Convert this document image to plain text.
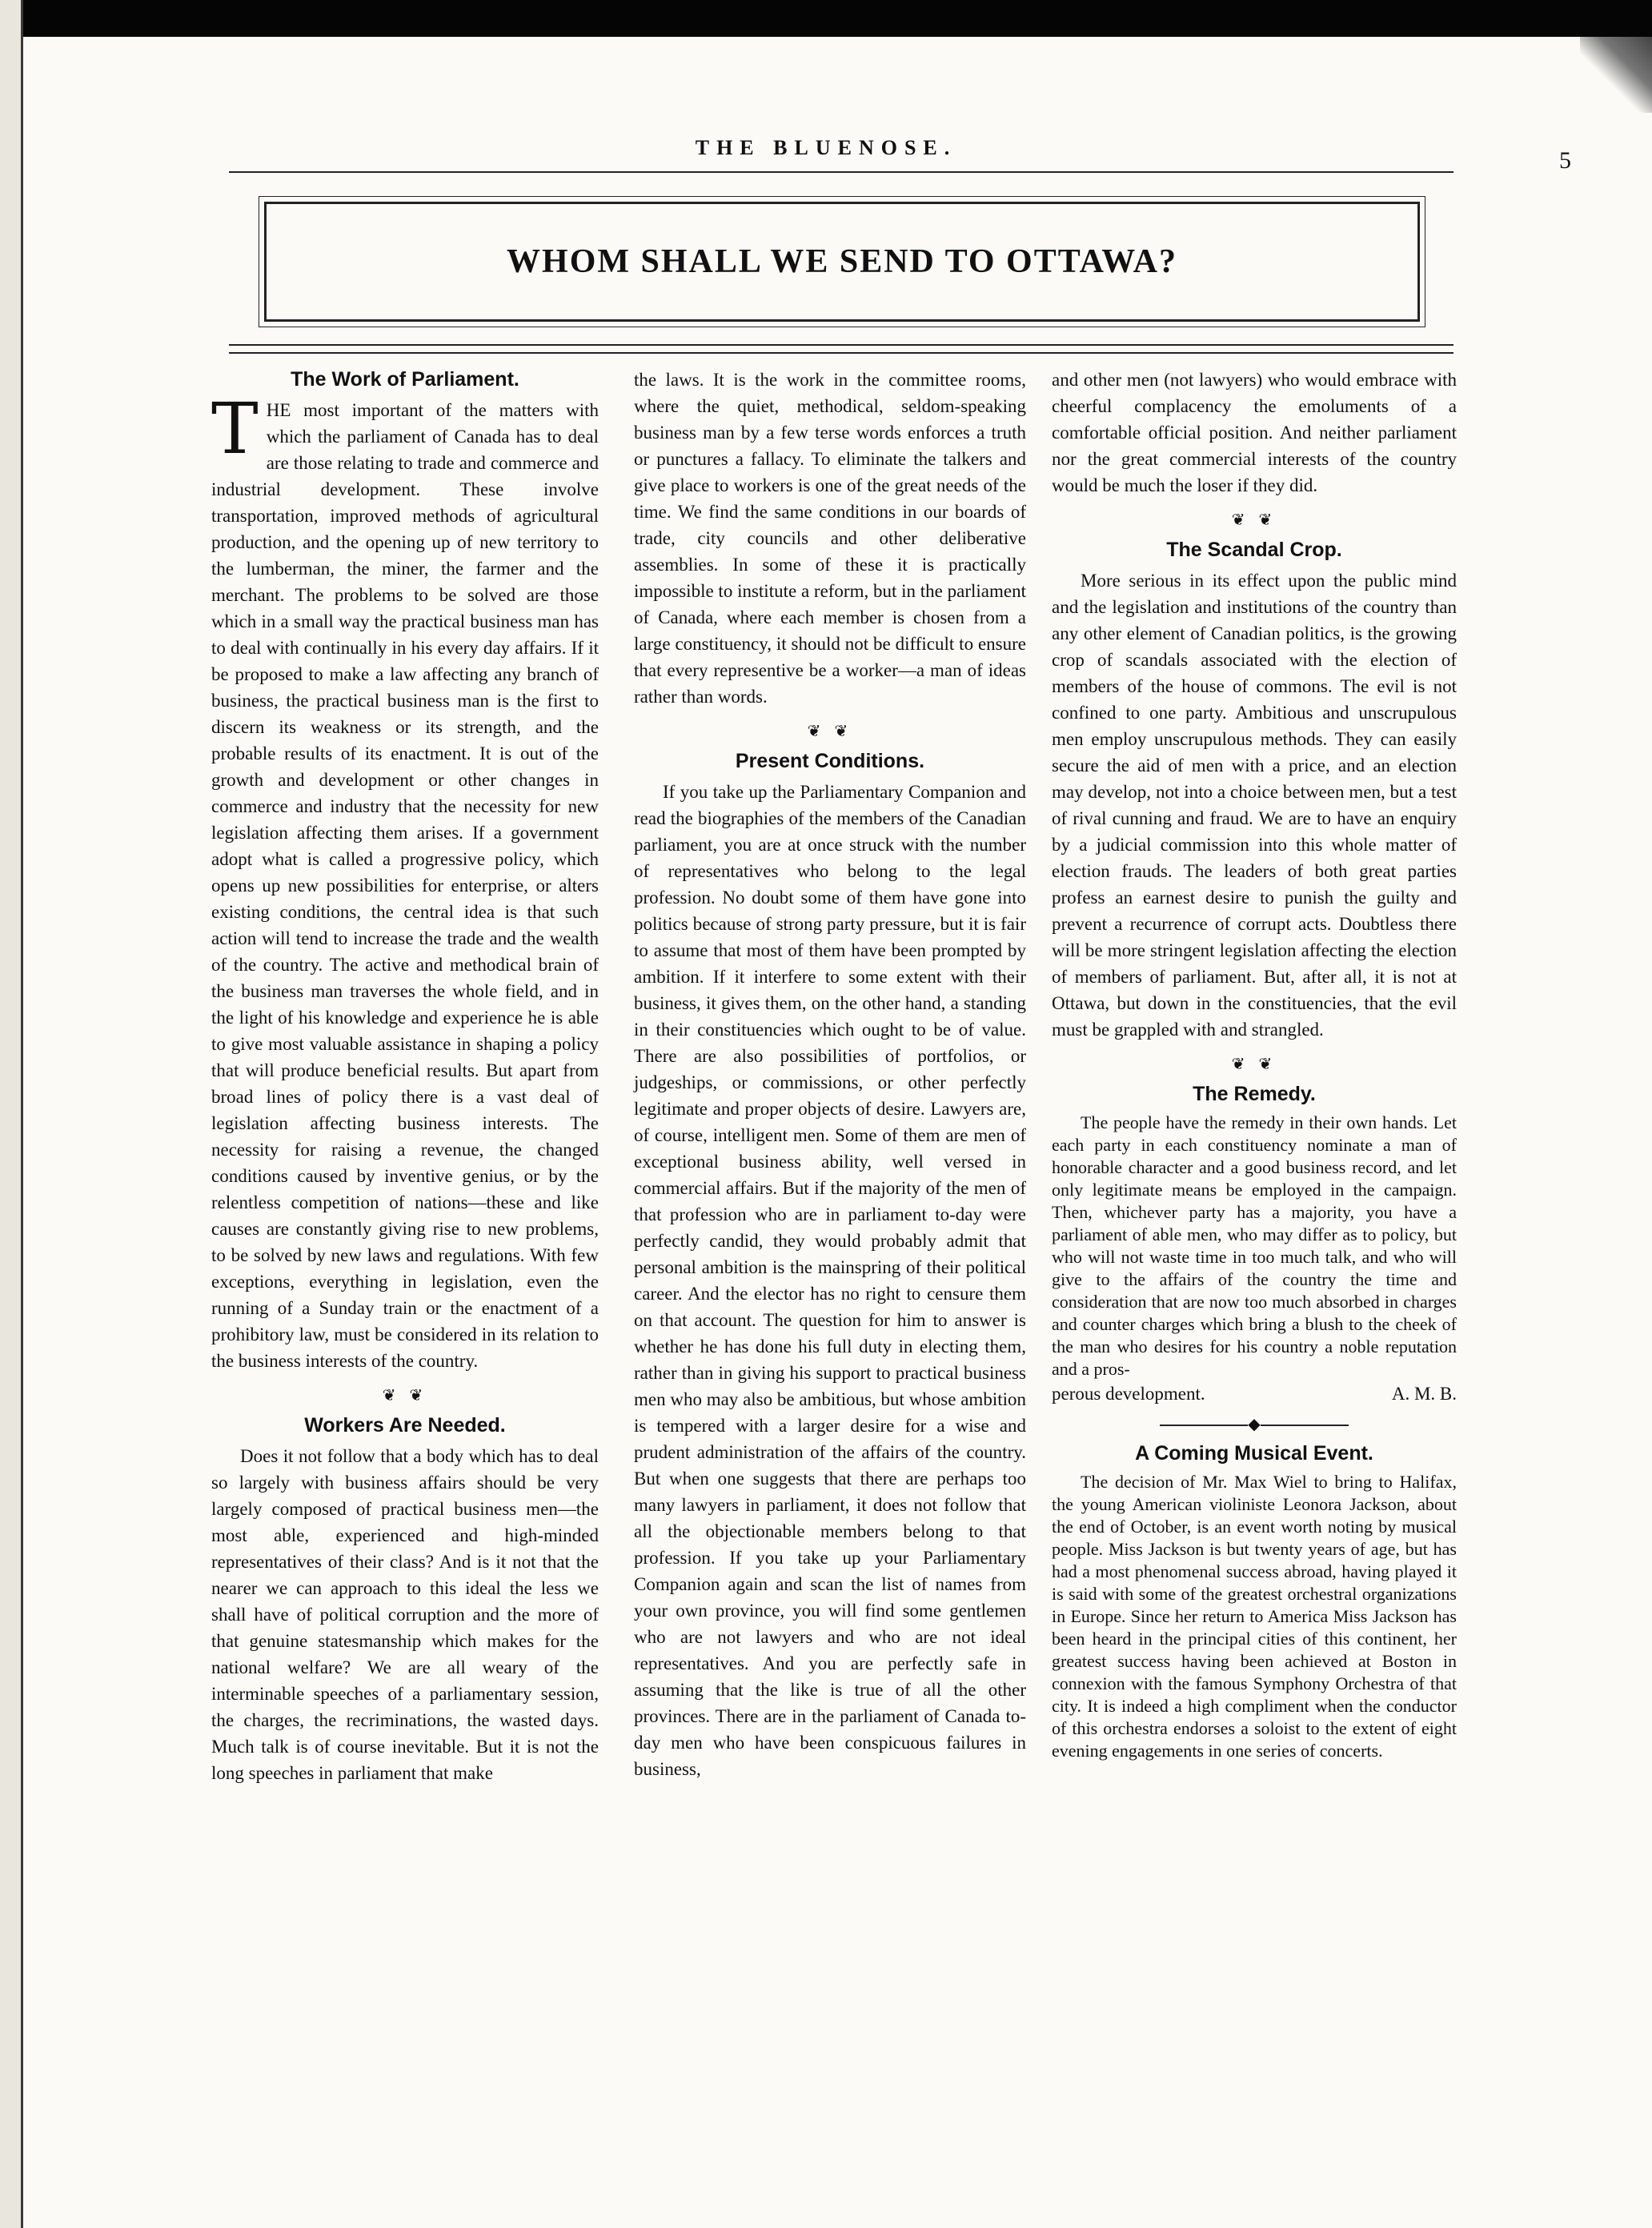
THE BLUENOSE.	5
WHOM SHALL WE SEND TO OTTAWA?
The Work of Parliament.

THE most important of the matters with which the parliament of Canada has to deal are those relating to trade and commerce and industrial development. These involve transportation, improved methods of agricultural production, and the opening up of new territory to the lumberman, the miner, the farmer and the merchant. The problems to be solved are those which in a small way the practical business man has to deal with continually in his every day affairs. If it be proposed to make a law affecting any branch of business, the practical business man is the first to discern its weakness or its strength, and the probable results of its enactment. It is out of the growth and development or other changes in commerce and industry that the necessity for new legislation affecting them arises. If a government adopt what is called a progressive policy, which opens up new possibilities for enterprise, or alters existing conditions, the central idea is that such action will tend to increase the trade and the wealth of the country. The active and methodical brain of the business man traverses the whole field, and in the light of his knowledge and experience he is able to give most valuable assistance in shaping a policy that will produce beneficial results. But apart from broad lines of policy there is a vast deal of legislation affecting business interests. The necessity for raising a revenue, the changed conditions caused by inventive genius, or by the relentless competition of nations—these and like causes are constantly giving rise to new problems, to be solved by new laws and regulations. With few exceptions, everything in legislation, even the running of a Sunday train or the enactment of a prohibitory law, must be considered in its relation to the business interests of the country.

❦ ❦
Workers Are Needed.

Does it not follow that a body which has to deal so largely with business affairs should be very largely composed of practical business men—the most able, experienced and high-minded representatives of their class? And is it not that the nearer we can approach to this ideal the less we shall have of political corruption and the more of that genuine statesmanship which makes for the national welfare? We are all weary of the interminable speeches of a parliamentary session, the charges, the recriminations, the wasted days. Much talk is of course inevitable. But it is not the long speeches in parliament that make

the laws. It is the work in the committee rooms, where the quiet, methodical, seldom-speaking business man by a few terse words enforces a truth or punctures a fallacy. To eliminate the talkers and give place to workers is one of the great needs of the time. We find the same conditions in our boards of trade, city councils and other deliberative assemblies. In some of these it is practically impossible to institute a reform, but in the parliament of Canada, where each member is chosen from a large constituency, it should not be difficult to ensure that every representive be a worker—a man of ideas rather than words.

❦ ❦
Present Conditions.

If you take up the Parliamentary Companion and read the biographies of the members of the Canadian parliament, you are at once struck with the number of representatives who belong to the legal profession. No doubt some of them have gone into politics because of strong party pressure, but it is fair to assume that most of them have been prompted by ambition. If it interfere to some extent with their business, it gives them, on the other hand, a standing in their constituencies which ought to be of value. There are also possibilities of portfolios, or judgeships, or commissions, or other perfectly legitimate and proper objects of desire. Lawyers are, of course, intelligent men. Some of them are men of exceptional business ability, well versed in commercial affairs. But if the majority of the men of that profession who are in parliament to-day were perfectly candid, they would probably admit that personal ambition is the mainspring of their political career. And the elector has no right to censure them on that account. The question for him to answer is whether he has done his full duty in electing them, rather than in giving his support to practical business men who may also be ambitious, but whose ambition is tempered with a larger desire for a wise and prudent administration of the affairs of the country. But when one suggests that there are perhaps too many lawyers in parliament, it does not follow that all the objectionable members belong to that profession. If you take up your Parliamentary Companion again and scan the list of names from your own province, you will find some gentlemen who are not lawyers and who are not ideal representatives. And you are perfectly safe in assuming that the like is true of all the other provinces. There are in the parliament of Canada to-day men who have been conspicuous failures in business,

and other men (not lawyers) who would embrace with cheerful complacency the emoluments of a comfortable official position. And neither parliament nor the great commercial interests of the country would be much the loser if they did.

❦ ❦
The Scandal Crop.

More serious in its effect upon the public mind and the legislation and institutions of the country than any other element of Canadian politics, is the growing crop of scandals associated with the election of members of the house of commons. The evil is not confined to one party. Ambitious and unscrupulous men employ unscrupulous methods. They can easily secure the aid of men with a price, and an election may develop, not into a choice between men, but a test of rival cunning and fraud. We are to have an enquiry by a judicial commission into this whole matter of election frauds. The leaders of both great parties profess an earnest desire to punish the guilty and prevent a recurrence of corrupt acts. Doubtless there will be more stringent legislation affecting the election of members of parliament. But, after all, it is not at Ottawa, but down in the constituencies, that the evil must be grappled with and strangled.

❦ ❦
The Remedy.

The people have the remedy in their own hands. Let each party in each constituency nominate a man of honorable character and a good business record, and let only legitimate means be employed in the campaign. Then, whichever party has a majority, you have a parliament of able men, who may differ as to policy, but who will not waste time in too much talk, and who will give to the affairs of the country the time and consideration that are now too much absorbed in charges and counter charges which bring a blush to the cheek of the man who desires for his country a noble reputation and a pros-

perous development.	A. M. B.
◆
A Coming Musical Event.

The decision of Mr. Max Wiel to bring to Halifax, the young American violiniste Leonora Jackson, about the end of October, is an event worth noting by musical people. Miss Jackson is but twenty years of age, but has had a most phenomenal success abroad, having played it is said with some of the greatest orchestral organizations in Europe. Since her return to America Miss Jackson has been heard in the principal cities of this continent, her greatest success having been achieved at Boston in connexion with the famous Symphony Orchestra of that city. It is indeed a high compliment when the conductor of this orchestra endorses a soloist to the extent of eight evening engagements in one series of concerts.
